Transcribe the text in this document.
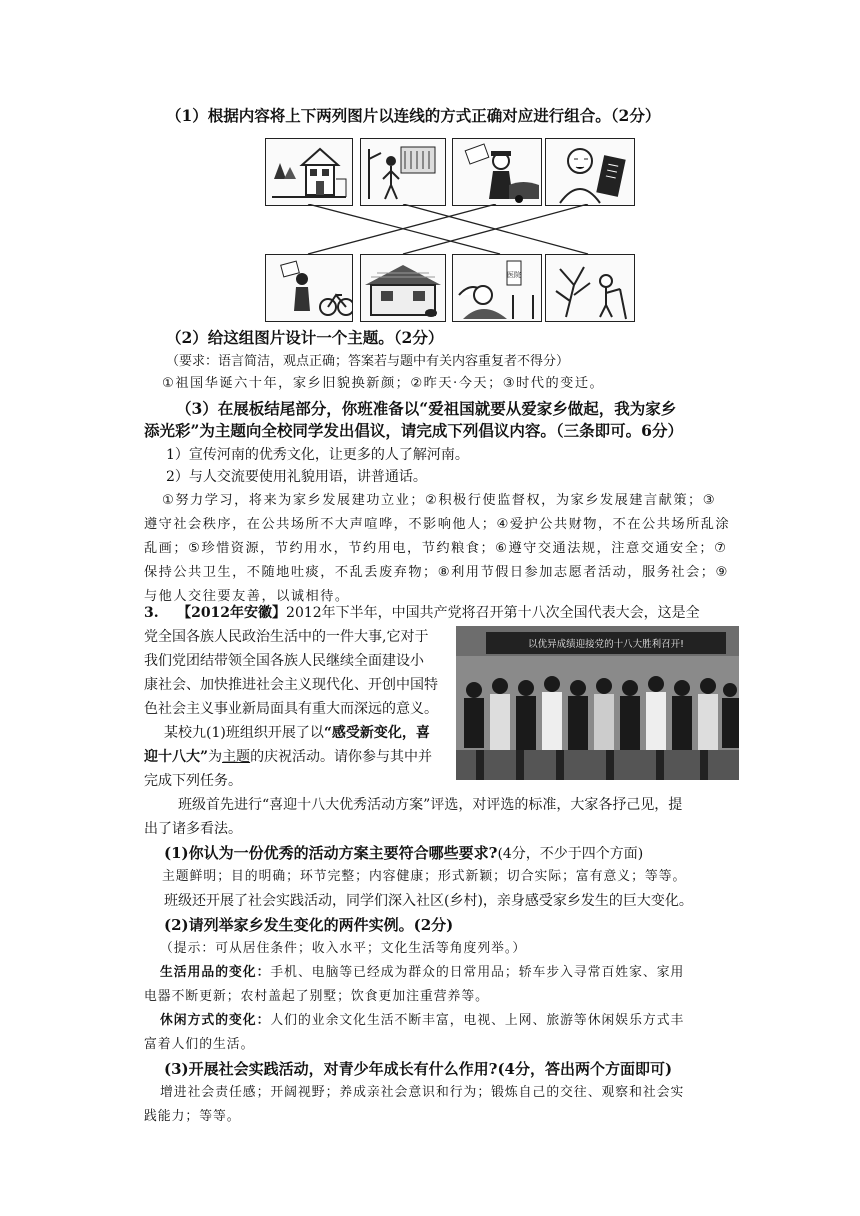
（1）根据内容将上下两列图片以连线的方式正确对应进行组合。（2分）
医院
（2）给这组图片设计一个主题。（2分）
（要求：语言简洁，观点正确；答案若与题中有关内容重复者不得分）
①祖国华诞六十年，家乡旧貌换新颜；②昨天·今天；③时代的变迁。
（3）在展板结尾部分，你班准备以“爱祖国就要从爱家乡做起，我为家乡
添光彩”为主题向全校同学发出倡议，请完成下列倡议内容。（三条即可。6分）
1）宣传河南的优秀文化，让更多的人了解河南。
2）与人交流要使用礼貌用语，讲普通话。
①努力学习，将来为家乡发展建功立业；②积极行使监督权，为家乡发展建言献策；③
遵守社会秩序，在公共场所不大声喧哗，不影响他人；④爱护公共财物，不在公共场所乱涂
乱画；⑤珍惜资源，节约用水，节约用电，节约粮食；⑥遵守交通法规，注意交通安全；⑦
保持公共卫生，不随地吐痰，不乱丢废弃物；⑧利用节假日参加志愿者活动，服务社会；⑨
与他人交往要友善，以诚相待。
3. 【2012年安徽】2012年下半年，中国共产党将召开第十八次全国代表大会，这是全
党全国各族人民政治生活中的一件大事,它对于
我们党团结带领全国各族人民继续全面建设小
康社会、加快推进社会主义现代化、开创中国特
色社会主义事业新局面具有重大而深远的意义。
以优异成绩迎接党的十八大胜利召开!
某校九(1)班组织开展了以“感受新变化，喜
迎十八大”为主题的庆祝活动。请你参与其中并
完成下列任务。
班级首先进行“喜迎十八大优秀活动方案”评选，对评选的标准，大家各抒己见，提
出了诸多看法。
(1)你认为一份优秀的活动方案主要符合哪些要求?(4分，不少于四个方面)
主题鲜明；目的明确；环节完整；内容健康；形式新颖；切合实际；富有意义；等等。
班级还开展了社会实践活动，同学们深入社区(乡村)，亲身感受家乡发生的巨大变化。
(2)请列举家乡发生变化的两件实例。(2分)
（提示：可从居住条件；收入水平；文化生活等角度列举。）
生活用品的变化：手机、电脑等已经成为群众的日常用品；轿车步入寻常百姓家、家用
电器不断更新；农村盖起了别墅；饮食更加注重营养等。
休闲方式的变化：人们的业余文化生活不断丰富，电视、上网、旅游等休闲娱乐方式丰
富着人们的生活。
(3)开展社会实践活动，对青少年成长有什么作用?(4分，答出两个方面即可)
增进社会责任感；开阔视野；养成亲社会意识和行为；锻炼自己的交往、观察和社会实
践能力；等等。
